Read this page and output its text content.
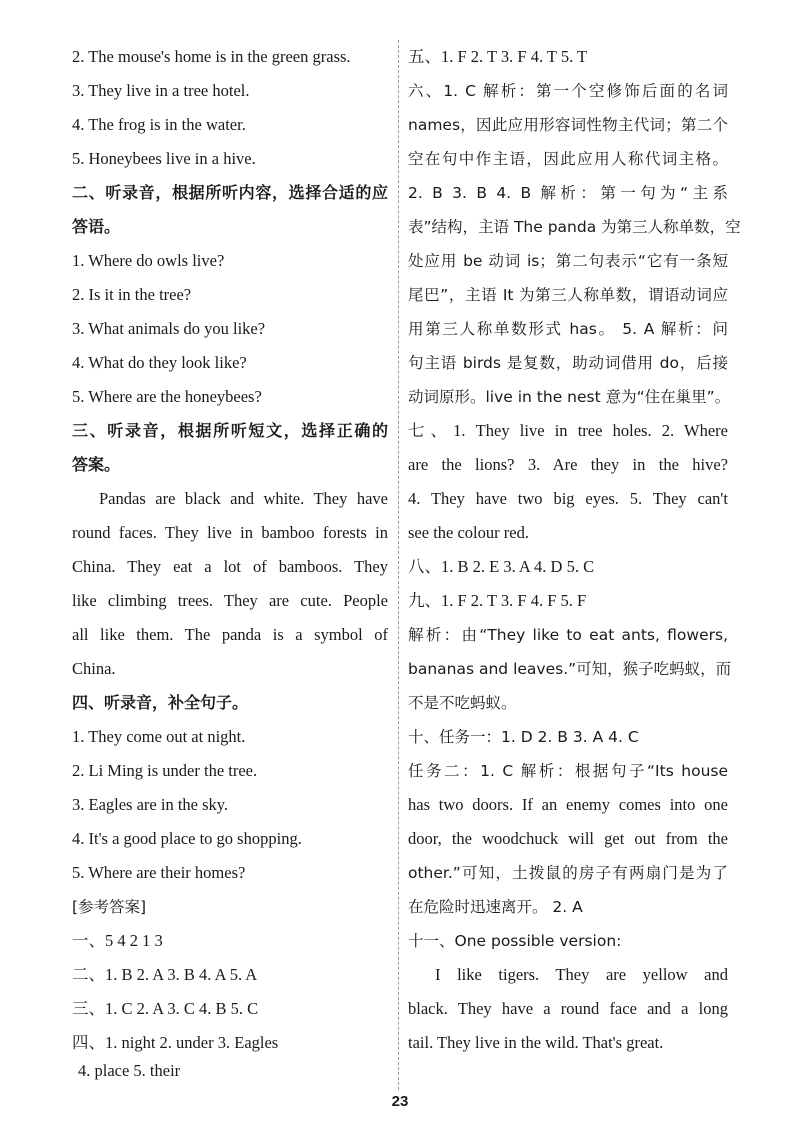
2. The mouse's home is in the green grass.
3. They live in a tree hotel.
4. The frog is in the water.
5. Honeybees live in a hive.
二、听录音，根据所听内容，选择合适的应
答语。
1. Where do owls live?
2. Is it in the tree?
3. What animals do you like?
4. What do they look like?
5. Where are the honeybees?
三、听录音，根据所听短文，选择正确的
答案。
Pandas are black and white. They have
round faces. They live in bamboo forests in
China. They eat a lot of bamboos. They
like climbing trees. They are cute. People
all like them. The panda is a symbol of
China.
四、听录音，补全句子。
1. They come out at night.
2. Li Ming is under the tree.
3. Eagles are in the sky.
4. It's a good place to go shopping.
5. Where are their homes?
[参考答案]
一、5 4 2 1 3
二、1. B 2. A 3. B 4. A 5. A
三、1. C 2. A 3. C 4. B 5. C
四、1. night 2. under 3. Eagles
4. place 5. their
五、1. F 2. T 3. F 4. T 5. T
六、1. C 解析：第一个空修饰后面的名词
names，因此应用形容词性物主代词；第二个
空在句中作主语，因此应用人称代词主格。
2. B 3. B 4. B 解析：第一句为“主系
表”结构，主语 The panda 为第三人称单数，空
处应用 be 动词 is；第二句表示“它有一条短
尾巴”，主语 It 为第三人称单数，谓语动词应
用第三人称单数形式 has。 5. A 解析：问
句主语 birds 是复数，助动词借用 do，后接
动词原形。live in the nest 意为“住在巢里”。
七、1. They live in tree holes. 2. Where
are the lions? 3. Are they in the hive?
4. They have two big eyes. 5. They can't
see the colour red.
八、1. B 2. E 3. A 4. D 5. C
九、1. F 2. T 3. F 4. F 5. F
解析：由“They like to eat ants, flowers,
bananas and leaves.”可知，猴子吃蚂蚁，而
不是不吃蚂蚁。
十、任务一：1. D 2. B 3. A 4. C
任务二：1. C 解析：根据句子“Its house
has two doors. If an enemy comes into one
door, the woodchuck will get out from the
other.”可知，土拨鼠的房子有两扇门是为了
在危险时迅速离开。 2. A
十一、One possible version:
I like tigers. They are yellow and
black. They have a round face and a long
tail. They live in the wild. That's great.
23
